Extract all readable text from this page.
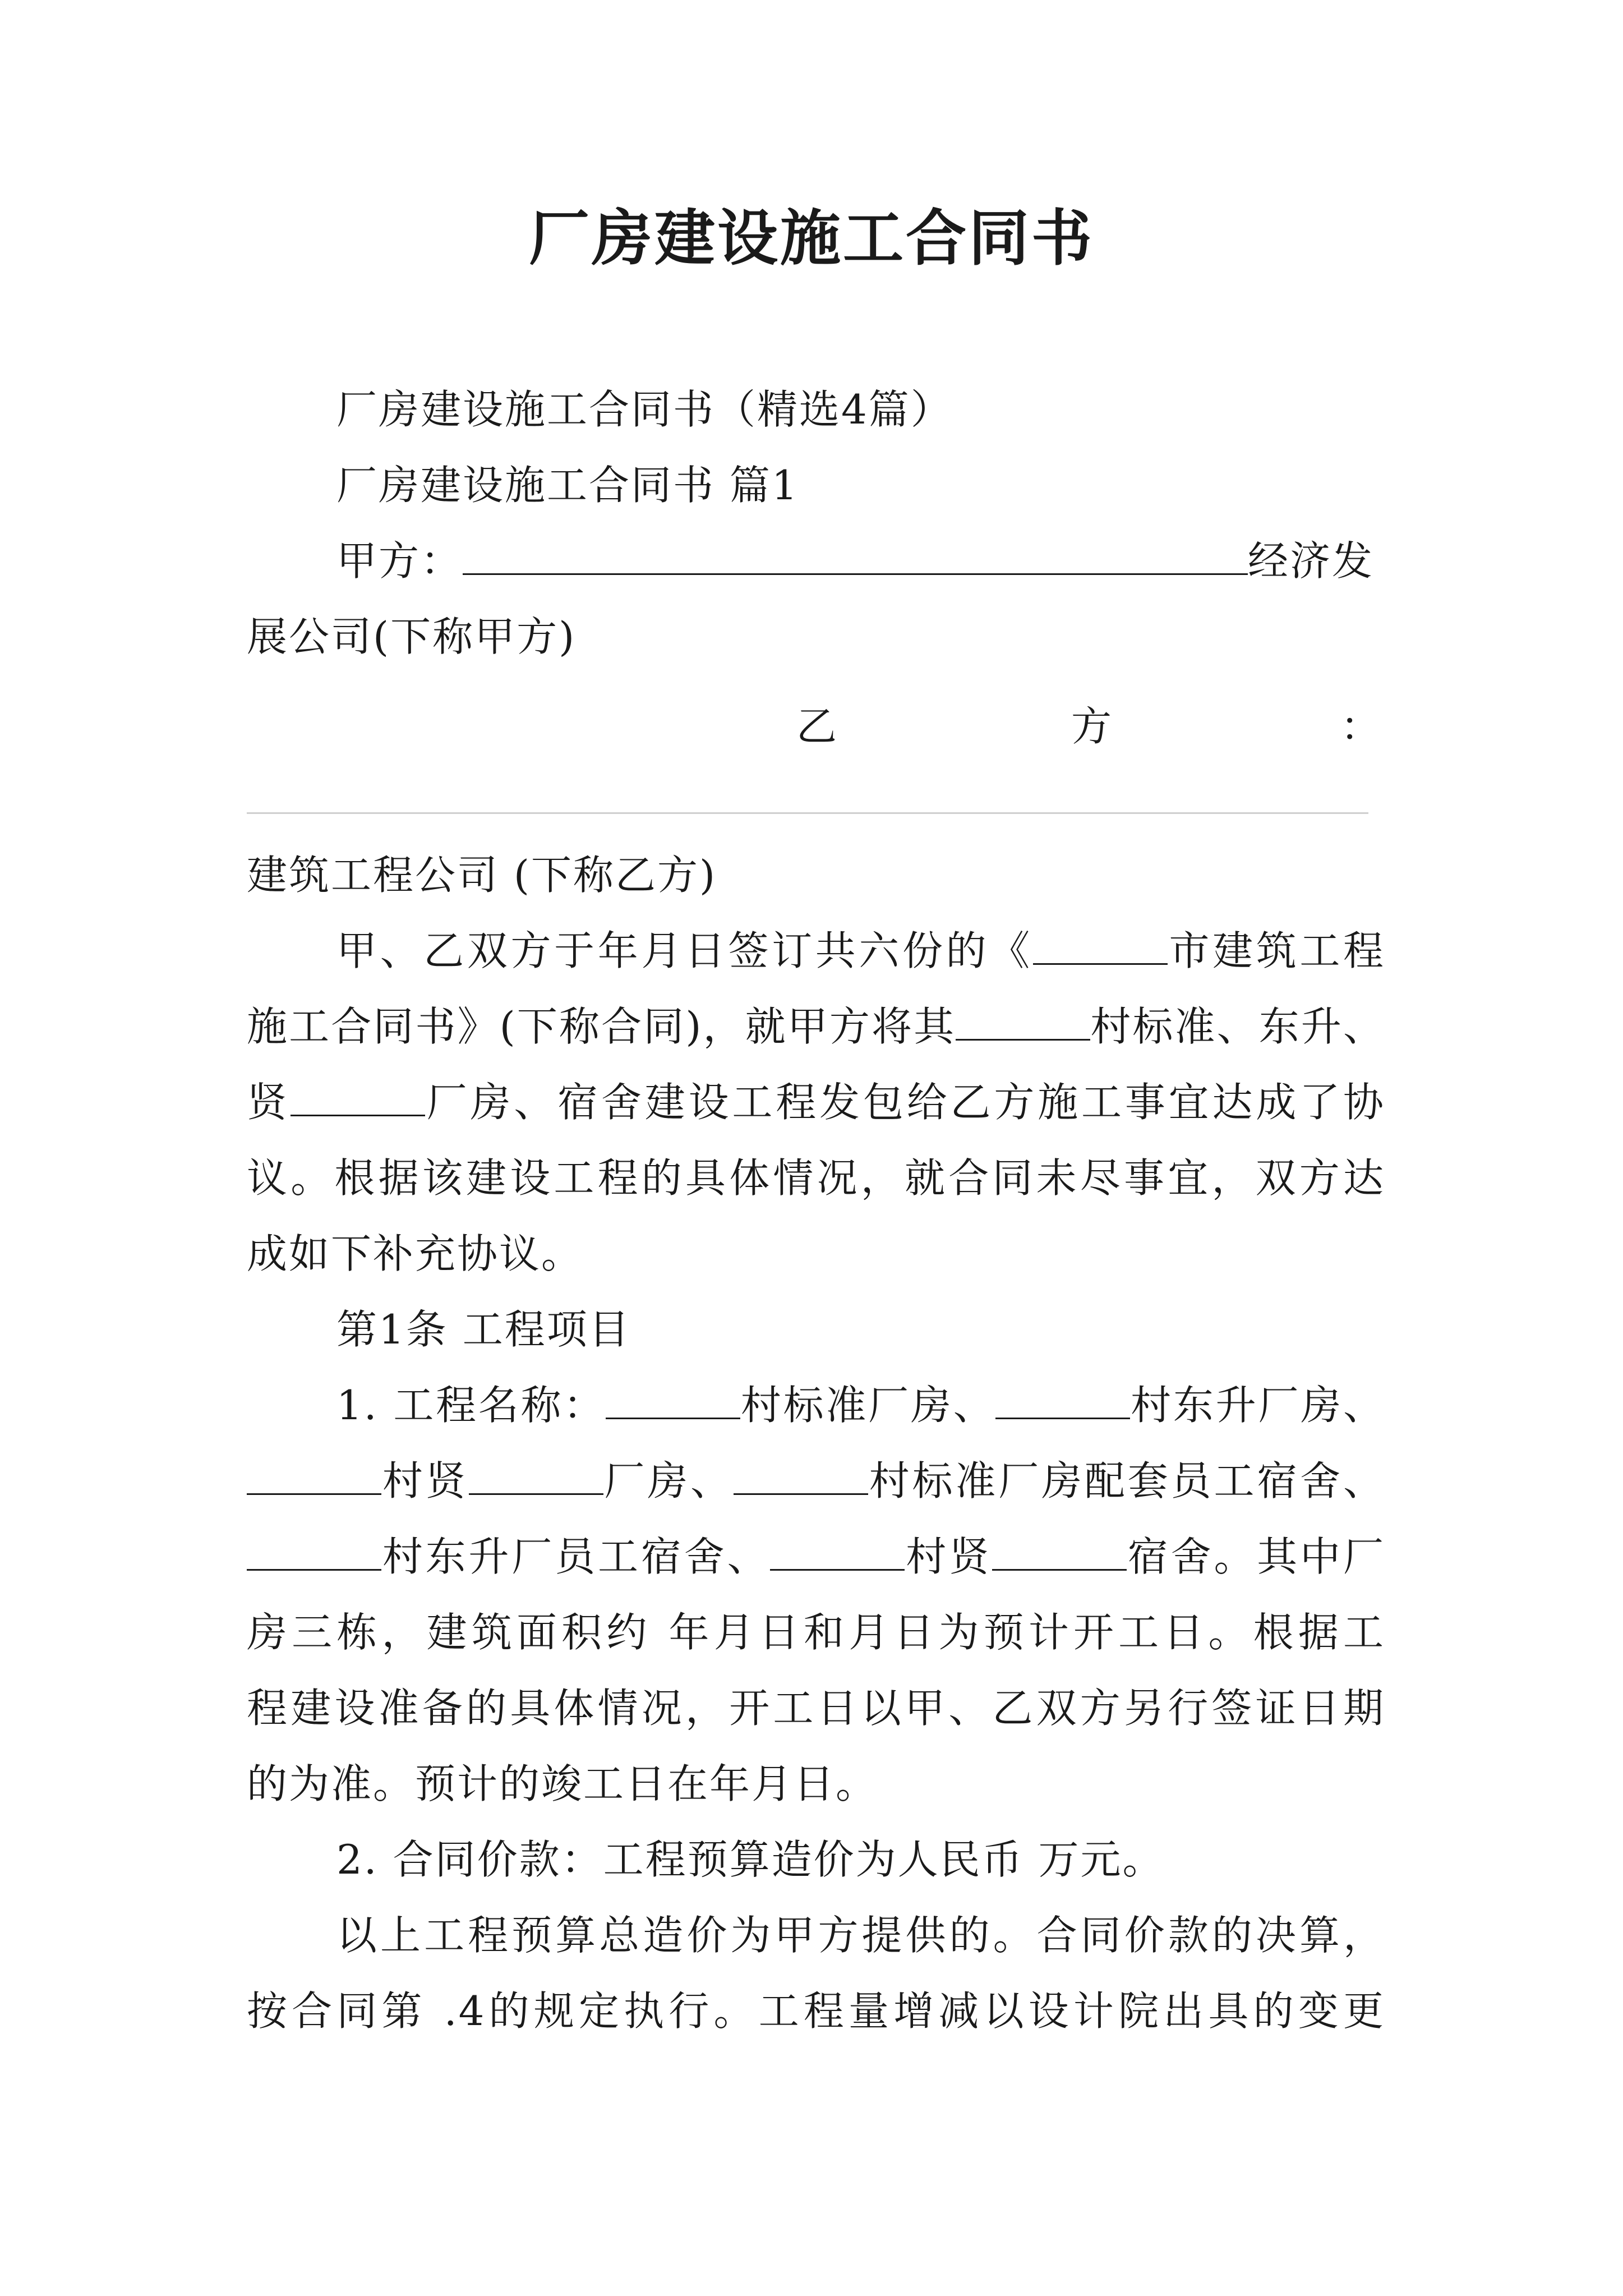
厂房建设施工合同书
厂房建设施工合同书（精选4篇）
厂房建设施工合同书 篇1
甲方：	经济发
展公司(下称甲方)
乙	方	：
建筑工程公司 (下称乙方)
甲、乙双方于年月日签订共六份的《	市建筑工程
施工合同书》(下称合同)，就甲方将其	村标准、东升、
贤	厂房、宿舍建设工程发包给乙方施工事宜达成了协
议。根据该建设工程的具体情况，就合同未尽事宜，双方达
成如下补充协议。
第1条 工程项目
1. 工程名称：	村标准厂房、	村东升厂房、
村贤	厂房、	村标准厂房配套员工宿舍、
村东升厂员工宿舍、	村贤	宿舍。其中厂
房三栋，建筑面积约 年月日和月日为预计开工日。根据工
程建设准备的具体情况，开工日以甲、乙双方另行签证日期
的为准。预计的竣工日在年月日。
2. 合同价款：工程预算造价为人民币 万元。
以上工程预算总造价为甲方提供的。合同价款的决算，
按合同第 .4的规定执行。工程量增减以设计院出具的变更
